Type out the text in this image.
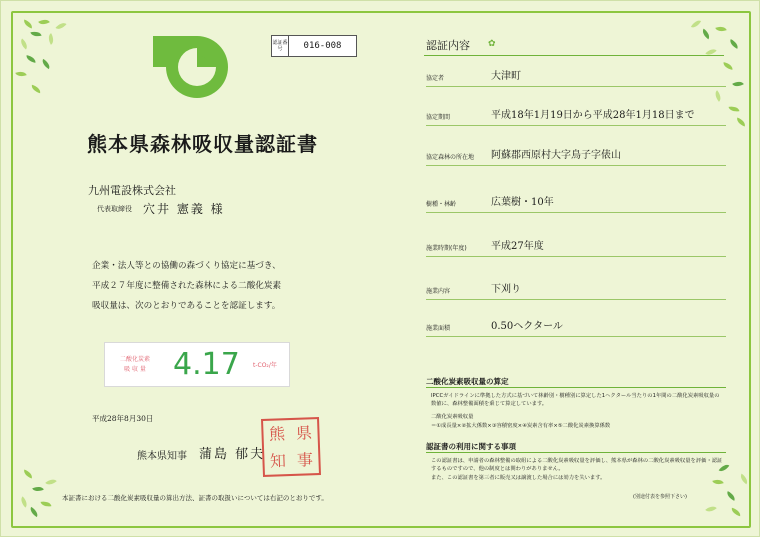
認証番号	016-008
熊本県森林吸収量認証書
九州電設株式会社
代表取締役 穴井 憲義 様
企業・法人等との協働の森づくり協定に基づき、
平成２７年度に整備された森林による二酸化炭素
吸収量は、次のとおりであることを認証します。
二酸化炭素
吸 収 量 4.17	t-CO₂/年
平成28年8月30日
熊本県知事 蒲島 郁夫
熊 県
知 事
本証書における二酸化炭素吸収量の算出方法、証書の取扱いについては右記のとおりです。
認証内容 ✿
協定者	大津町
協定期間	平成18年1月19日から平成28年1月18日まで
協定森林の所在地	阿蘇郡西原村大字鳥子字俵山
樹種・林齢	広葉樹・10年
施業時期(年度)	平成27年度
施業内容	下刈り
施業面積	0.50ヘクタール
二酸化炭素吸収量の算定
IPCCガイドラインに準拠した方式に基づいて林齢別・樹種別に算定した1ヘクタール当たりの1年間の二酸化炭素吸収量の数値に、森林整備面積を乗じて算定しています。
二酸化炭素吸収量
＝①成長量×②拡大係数×③容積密度×④炭素含有率×⑤二酸化炭素換算係数
認証書の利用に関する事項
この認証書は、申請者の森林整備の取組による二酸化炭素吸収量を評価し、熊本県が森林の二酸化炭素吸収量を評価・認証するものですので、他の制度とは関わりがありません。
また、この認証書を第三者に販売又は譲渡した場合には効力を失います。
(別途付表を参照下さい)
